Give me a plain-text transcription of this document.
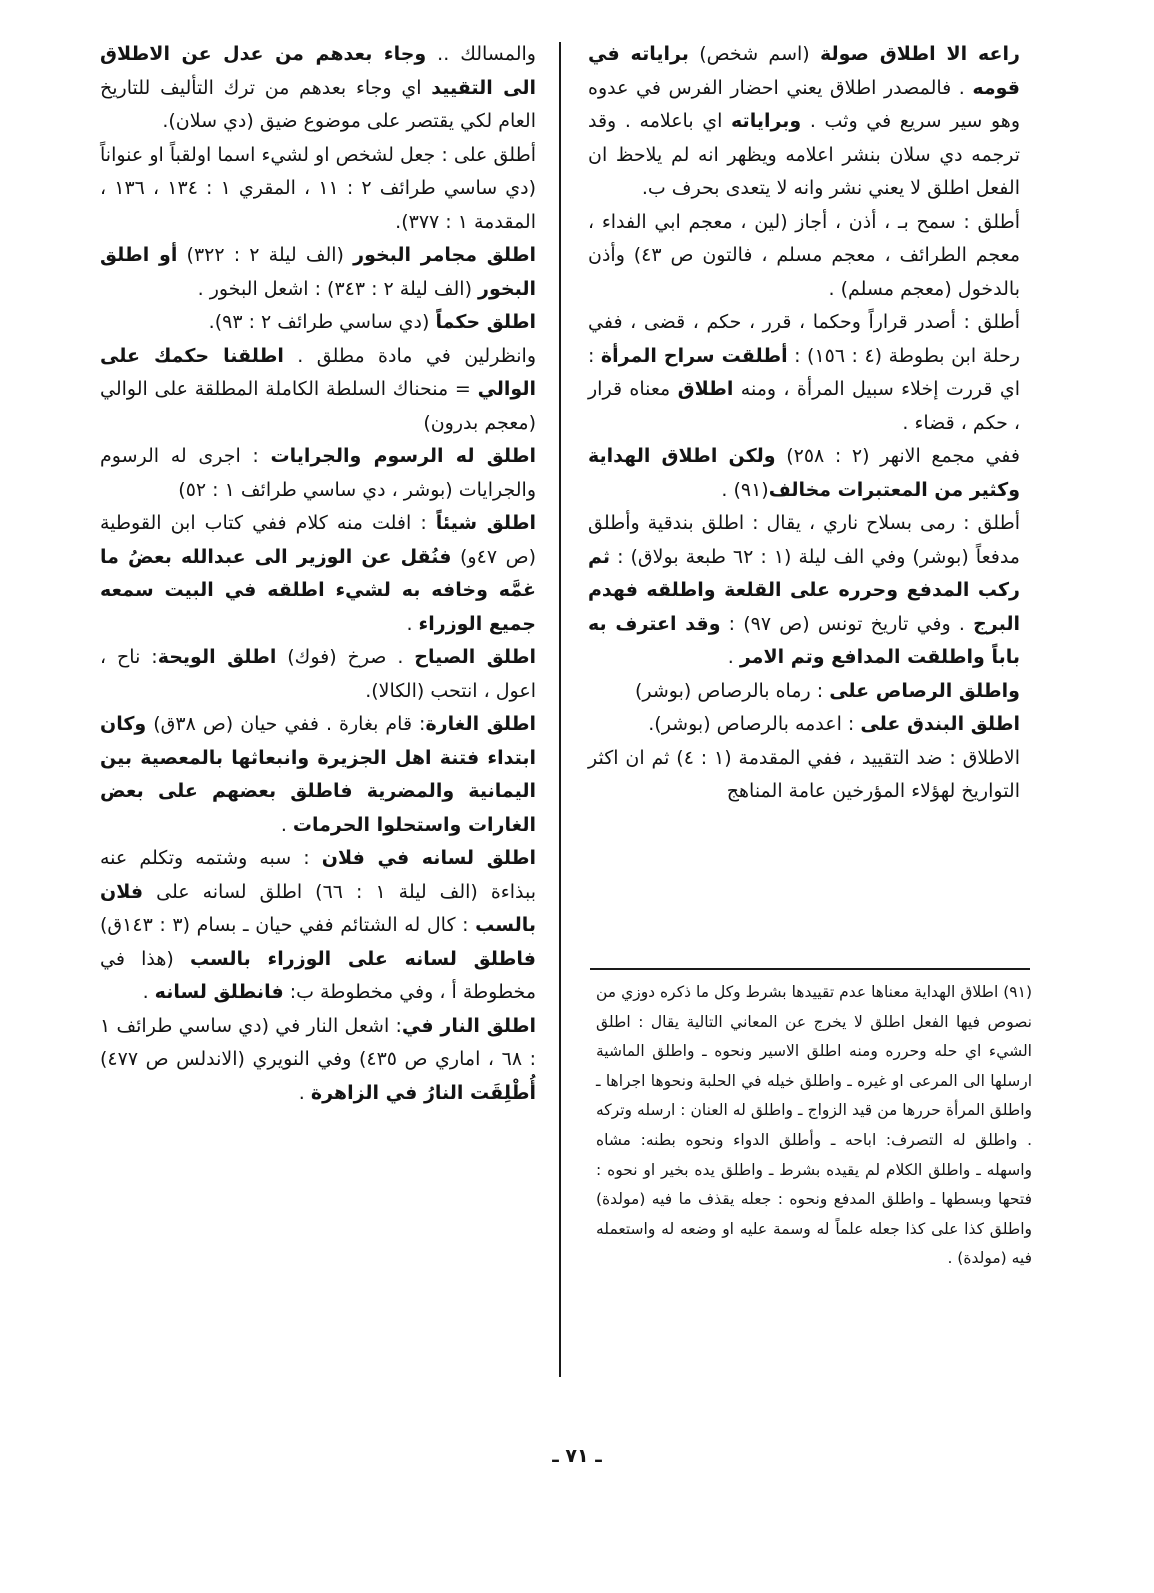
راعه الا اطلاق صولة (اسم شخص) براياته في قومه . فالمصدر اطلاق يعني احضار الفرس في عدوه وهو سير سريع في وثب . وبراياته اي باعلامه . وقد ترجمه دي سلان بنشر اعلامه ويظهر انه لم يلاحظ ان الفعل اطلق لا يعني نشر وانه لا يتعدى بحرف ب.

أطلق : سمح بـ ، أذن ، أجاز (لين ، معجم ابي الفداء ، معجم الطرائف ، معجم مسلم ، فالتون ص ٤٣) وأذن بالدخول (معجم مسلم) .

أطلق : أصدر قراراً وحكما ، قرر ، حكم ، قضى ، ففي رحلة ابن بطوطة (٤ : ١٥٦) : أطلقت سراح المرأة : اي قررت إخلاء سبيل المرأة ، ومنه اطلاق معناه قرار ، حكم ، قضاء .

ففي مجمع الانهر (٢ : ٢٥٨) ولكن اطلاق الهداية وكثير من المعتبرات مخالف(٩١) .

أطلق : رمى بسلاح ناري ، يقال : اطلق بندقية وأطلق مدفعاً (بوشر) وفي الف ليلة (١ : ٦٢ طبعة بولاق) : ثم ركب المدفع وحرره على القلعة واطلقه فهدم البرج . وفي تاريخ تونس (ص ٩٧) : وقد اعترف به باباً واطلقت المدافع وتم الامر .

واطلق الرصاص على : رماه بالرصاص (بوشر)

اطلق البندق على : اعدمه بالرصاص (بوشر).

الاطلاق : ضد التقييد ، ففي المقدمة (١ : ٤) ثم ان اكثر التواريخ لهؤلاء المؤرخين عامة المناهج

والمسالك .. وجاء بعدهم من عدل عن الاطلاق الى التقييد اي وجاء بعدهم من ترك التأليف للتاريخ العام لكي يقتصر على موضوع ضيق (دي سلان).

أطلق على : جعل لشخص او لشيء اسما اولقباً او عنواناً (دي ساسي طرائف ٢ : ١١ ، المقري ١ : ١٣٤ ، ١٣٦ ، المقدمة ١ : ٣٧٧).

اطلق مجامر البخور (الف ليلة ٢ : ٣٢٢) أو اطلق البخور (الف ليلة ٢ : ٣٤٣) : اشعل البخور .

اطلق حكماً (دي ساسي طرائف ٢ : ٩٣).

وانظرلين في مادة مطلق . اطلقنا حكمك على الوالي = منحناك السلطة الكاملة المطلقة على الوالي (معجم بدرون)

اطلق له الرسوم والجرايات : اجرى له الرسوم والجرايات (بوشر ، دي ساسي طرائف ١ : ٥٢)

اطلق شيئاً : افلت منه كلام ففي كتاب ابن القوطية (ص ٤٧و) فنُقل عن الوزير الى عبدالله بعضُ ما غمَّه وخافه به لشيء اطلقه في البيت سمعه جميع الوزراء .

اطلق الصياح . صرخ (فوك) اطلق الويحة: ناح ، اعول ، انتحب (الكالا).

اطلق الغارة: قام بغارة . ففي حيان (ص ٣٨ق) وكان ابتداء فتنة اهل الجزيرة وانبعاثها بالمعصية بين اليمانية والمضرية فاطلق بعضهم على بعض الغارات واستحلوا الحرمات .

اطلق لسانه في فلان : سبه وشتمه وتكلم عنه ببذاءة (الف ليلة ١ : ٦٦) اطلق لسانه على فلان بالسب : كال له الشتائم ففي حيان ـ بسام (٣ : ١٤٣ق) فاطلق لسانه على الوزراء بالسب (هذا في مخطوطة أ ، وفي مخطوطة ب: فانطلق لسانه .

اطلق النار في: اشعل النار في (دي ساسي طرائف ١ : ٦٨ ، اماري ص ٤٣٥) وفي النويري (الاندلس ص ٤٧٧) أُطْلِقَت النارُ في الزاهرة .

(٩١) اطلاق الهداية معناها عدم تقييدها بشرط وكل ما ذكره دوزي من نصوص فيها الفعل اطلق لا يخرج عن المعاني التالية يقال : اطلق الشيء اي حله وحرره ومنه اطلق الاسير ونحوه ـ واطلق الماشية ارسلها الى المرعى او غيره ـ واطلق خيله في الحلبة ونحوها اجراها ـ واطلق المرأة حررها من قيد الزواج ـ واطلق له العنان : ارسله وتركه . واطلق له التصرف: اباحه ـ وأطلق الدواء ونحوه بطنه: مشاه واسهله ـ واطلق الكلام لم يقيده بشرط ـ واطلق يده بخير او نحوه : فتحها وبسطها ـ واطلق المدفع ونحوه : جعله يقذف ما فيه (مولدة) واطلق كذا على كذا جعله علماً له وسمة عليه او وضعه له واستعمله فيه (مولدة) .

ـ ٧١ ـ
